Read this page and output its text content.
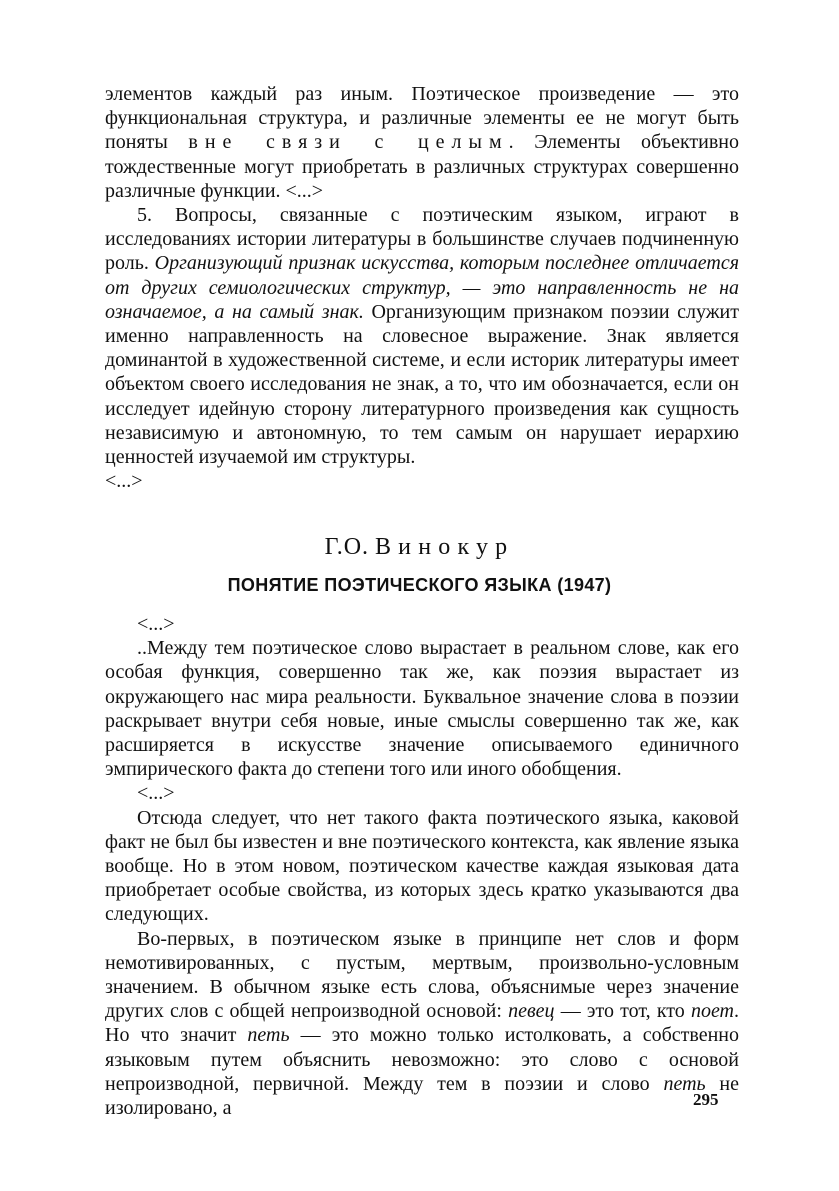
элементов каждый раз иным. Поэтическое произведение — это функциональная структура, и различные элементы ее не могут быть поняты вне связи с целым. Элементы объективно тождественные могут приобретать в различных структурах совершенно различные функции. <...>

5. Вопросы, связанные с поэтическим языком, играют в исследованиях истории литературы в большинстве случаев подчиненную роль. Организующий признак искусства, которым последнее отличается от других семиологических структур, — это направленность не на означаемое, а на самый знак. Организующим признаком поэзии служит именно направленность на словесное выражение. Знак является доминантой в художественной системе, и если историк литературы имеет объектом своего исследования не знак, а то, что им обозначается, если он исследует идейную сторону литературного произведения как сущность независимую и автономную, то тем самым он нарушает иерархию ценностей изучаемой им структуры.

<...>

Г.О. Винокур
ПОНЯТИЕ ПОЭТИЧЕСКОГО ЯЗЫКА (1947)

<...>

..Между тем поэтическое слово вырастает в реальном слове, как его особая функция, совершенно так же, как поэзия вырастает из окружающего нас мира реальности. Буквальное значение слова в поэзии раскрывает внутри себя новые, иные смыслы совершенно так же, как расширяется в искусстве значение описываемого единичного эмпирического факта до степени того или иного обобщения.

<...>

Отсюда следует, что нет такого факта поэтического языка, каковой факт не был бы известен и вне поэтического контекста, как явление языка вообще. Но в этом новом, поэтическом качестве каждая языковая дата приобретает особые свойства, из которых здесь кратко указываются два следующих.

Во-первых, в поэтическом языке в принципе нет слов и форм немотивированных, с пустым, мертвым, произвольно-условным значением. В обычном языке есть слова, объяснимые через значение других слов с общей непроизводной основой: певец — это тот, кто поет. Но что значит петь — это можно только истолковать, а собственно языковым путем объяснить невозможно: это слово с основой непроизводной, первичной. Между тем в поэзии и слово петь не изолировано, а	295
